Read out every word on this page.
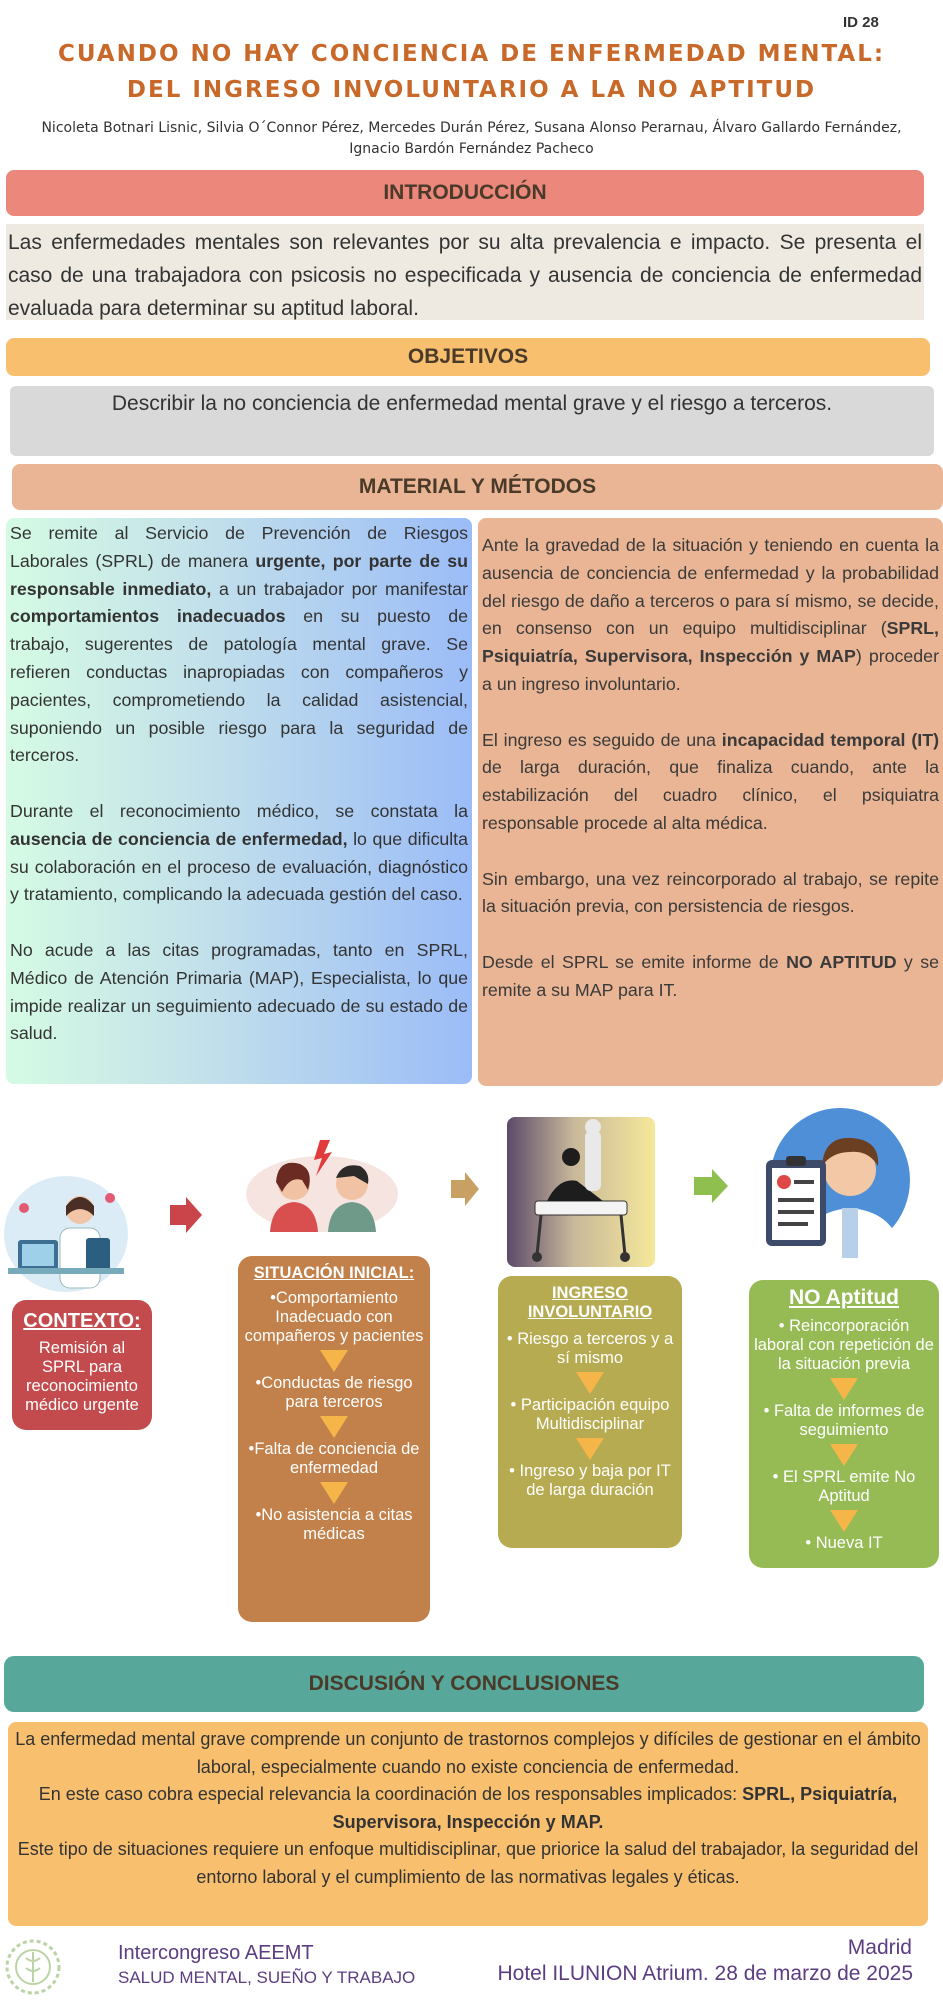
ID 28
CUANDO NO HAY CONCIENCIA DE ENFERMEDAD MENTAL:
DEL INGRESO INVOLUNTARIO A LA NO APTITUD
Nicoleta Botnari Lisnic, Silvia O´Connor Pérez, Mercedes Durán Pérez, Susana Alonso Perarnau, Álvaro Gallardo Fernández,
Ignacio Bardón Fernández Pacheco
INTRODUCCIÓN
Las enfermedades mentales son relevantes por su alta prevalencia e impacto. Se presenta el caso de una trabajadora con psicosis no especificada y ausencia de conciencia de enfermedad evaluada para determinar su aptitud laboral.
OBJETIVOS
Describir la no conciencia de enfermedad mental grave y el riesgo a terceros.
MATERIAL Y MÉTODOS
Se remite al Servicio de Prevención de Riesgos Laborales (SPRL) de manera urgente, por parte de su responsable inmediato, a un trabajador por manifestar comportamientos inadecuados en su puesto de trabajo, sugerentes de patología mental grave. Se refieren conductas inapropiadas con compañeros y pacientes, comprometiendo la calidad asistencial, suponiendo un posible riesgo para la seguridad de terceros.
Durante el reconocimiento médico, se constata la ausencia de conciencia de enfermedad, lo que dificulta su colaboración en el proceso de evaluación, diagnóstico y tratamiento, complicando la adecuada gestión del caso.
No acude a las citas programadas, tanto en SPRL, Médico de Atención Primaria (MAP), Especialista, lo que impide realizar un seguimiento adecuado de su estado de salud.
Ante la gravedad de la situación y teniendo en cuenta la ausencia de conciencia de enfermedad y la probabilidad del riesgo de daño a terceros o para sí mismo, se decide, en consenso con un equipo multidisciplinar (SPRL, Psiquiatría, Supervisora, Inspección y MAP) proceder a un ingreso involuntario.
El ingreso es seguido de una incapacidad temporal (IT) de larga duración, que finaliza cuando, ante la estabilización del cuadro clínico, el psiquiatra responsable procede al alta médica.
Sin embargo, una vez reincorporado al trabajo, se repite la situación previa, con persistencia de riesgos.
Desde el SPRL se emite informe de NO APTITUD y se remite a su MAP para IT.
CONTEXTO:
Remisión al SPRL para reconocimiento médico urgente
SITUACIÓN INICIAL:
•Comportamiento Inadecuado con compañeros y pacientes
•Conductas de riesgo para terceros
•Falta de conciencia de enfermedad
•No asistencia a citas médicas
INGRESO
INVOLUNTARIO
• Riesgo a terceros y a sí mismo
• Participación equipo Multidisciplinar
• Ingreso y baja por IT de larga duración
NO Aptitud
• Reincorporación laboral con repetición de la situación previa
• Falta de informes de seguimiento
• El SPRL emite No Aptitud
• Nueva IT
DISCUSIÓN Y CONCLUSIONES
La enfermedad mental grave comprende un conjunto de trastornos complejos y difíciles de gestionar en el ámbito laboral, especialmente cuando no existe conciencia de enfermedad.
En este caso cobra especial relevancia la coordinación de los responsables implicados: SPRL, Psiquiatría, Supervisora, Inspección y MAP.
Este tipo de situaciones requiere un enfoque multidisciplinar, que priorice la salud del trabajador, la seguridad del entorno laboral y el cumplimiento de las normativas legales y éticas.
Intercongreso AEEMT
SALUD MENTAL, SUEÑO Y TRABAJO
Madrid
Hotel ILUNION Atrium. 28 de marzo de 2025
